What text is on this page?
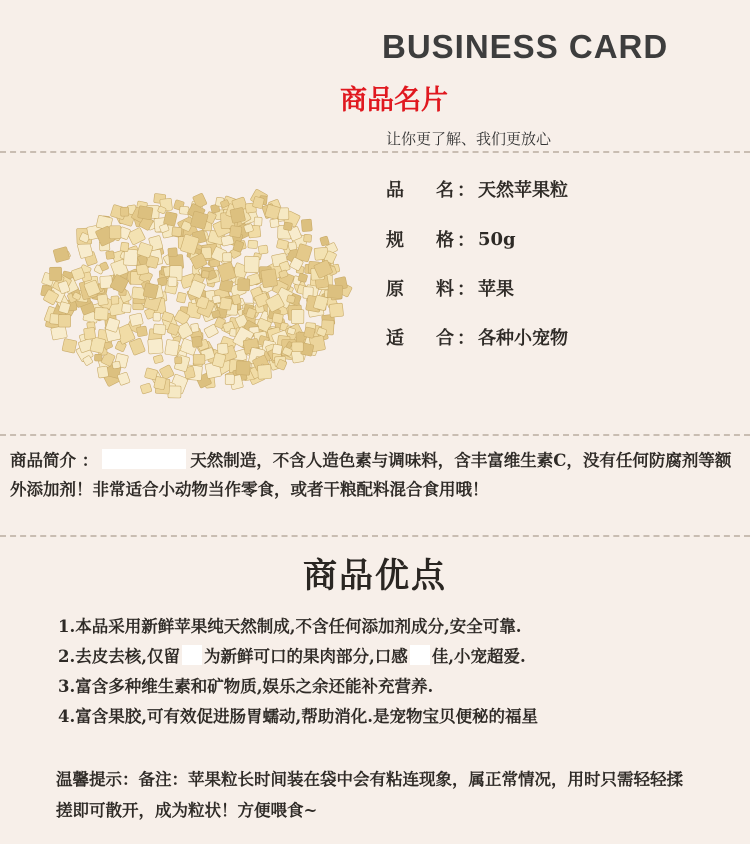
BUSINESS CARD
商品名片
让你更了解、我们更放心
品名 ： 天然苹果粒
规格 ： 50g
原料 ： 苹果
适合 ： 各种小宠物
商品简介 ：	天然制造，不含人造色素与调味料，含丰富维生素C，没有任何防腐剂等额外添加剂！非常适合小动物当作零食，或者干粮配料混合食用哦！
商品优点
1.本品采用新鲜苹果纯天然制成,不含任何添加剂成分,安全可靠.
2.去皮去核,仅留 为新鲜可口的果肉部分,口感 佳,小宠超爱.
3.富含多种维生素和矿物质,娱乐之余还能补充营养.
4.富含果胶,可有效促进肠胃蠕动,帮助消化.是宠物宝贝便秘的福星
温馨提示：备注：苹果粒长时间装在袋中会有粘连现象，属正常情况，用时只需轻轻揉搓即可散开，成为粒状！方便喂食~
